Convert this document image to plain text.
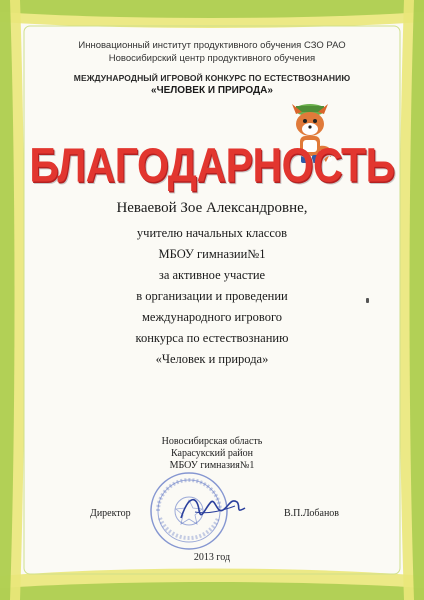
Инновационный институт продуктивного обучения СЗО РАО
Новосибирский центр продуктивного обучения
МЕЖДУНАРОДНЫЙ ИГРОВОЙ КОНКУРС ПО ЕСТЕСТВОЗНАНИЮ
«ЧЕЛОВЕК И ПРИРОДА»
БЛАГОДАРНОСТЬ
Неваевой Зое Александровне,
учителю начальных классов
МБОУ гимназии№1
за активное участие
в организации и проведении
международного игрового
конкурса по естествознанию
«Человек и природа»
Новосибирская область
Карасукский район
МБОУ гимназия№1
Директор	В.П.Лобанов
2013 год
